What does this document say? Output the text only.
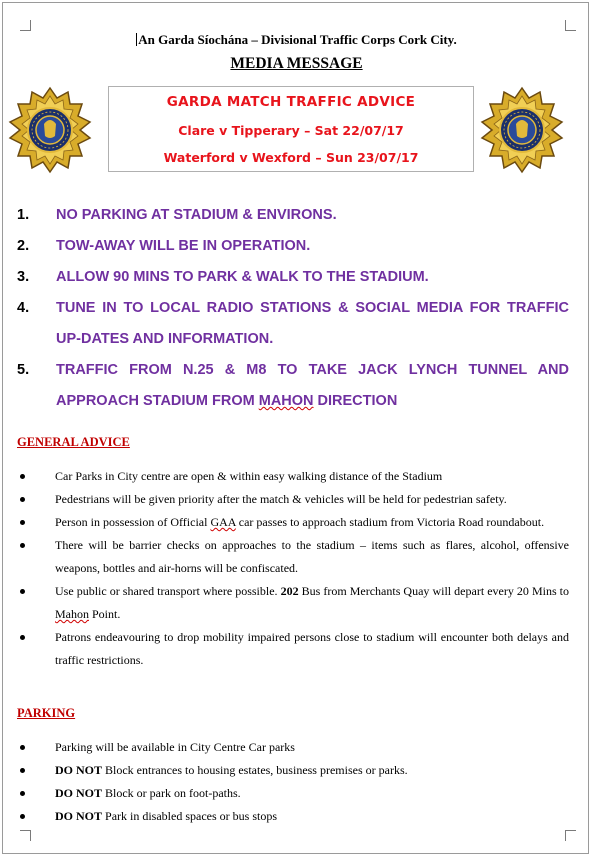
An Garda Síochána – Divisional Traffic Corps Cork City.
MEDIA MESSAGE
GARDA MATCH TRAFFIC ADVICE
Clare v Tipperary – Sat 22/07/17
Waterford v Wexford – Sun 23/07/17
1. NO PARKING AT STADIUM & ENVIRONS.
2. TOW-AWAY WILL BE IN OPERATION.
3. ALLOW 90 MINS TO PARK & WALK TO THE STADIUM.
4. TUNE IN TO LOCAL RADIO STATIONS & SOCIAL MEDIA FOR TRAFFIC UP-DATES AND INFORMATION.
5. TRAFFIC FROM N.25 & M8 TO TAKE JACK LYNCH TUNNEL AND APPROACH STADIUM FROM MAHON DIRECTION
GENERAL ADVICE
Car Parks in City centre are open & within easy walking distance of the Stadium
Pedestrians will be given priority after the match & vehicles will be held for pedestrian safety.
Person in possession of Official GAA car passes to approach stadium from Victoria Road roundabout.
There will be barrier checks on approaches to the stadium – items such as flares, alcohol, offensive weapons, bottles and air-horns will be confiscated.
Use public or shared transport where possible. 202 Bus from Merchants Quay will depart every 20 Mins to Mahon Point.
Patrons endeavouring to drop mobility impaired persons close to stadium will encounter both delays and traffic restrictions.
PARKING
Parking will be available in City Centre Car parks
DO NOT Block entrances to housing estates, business premises or parks.
DO NOT Block or park on foot-paths.
DO NOT Park in disabled spaces or bus stops
